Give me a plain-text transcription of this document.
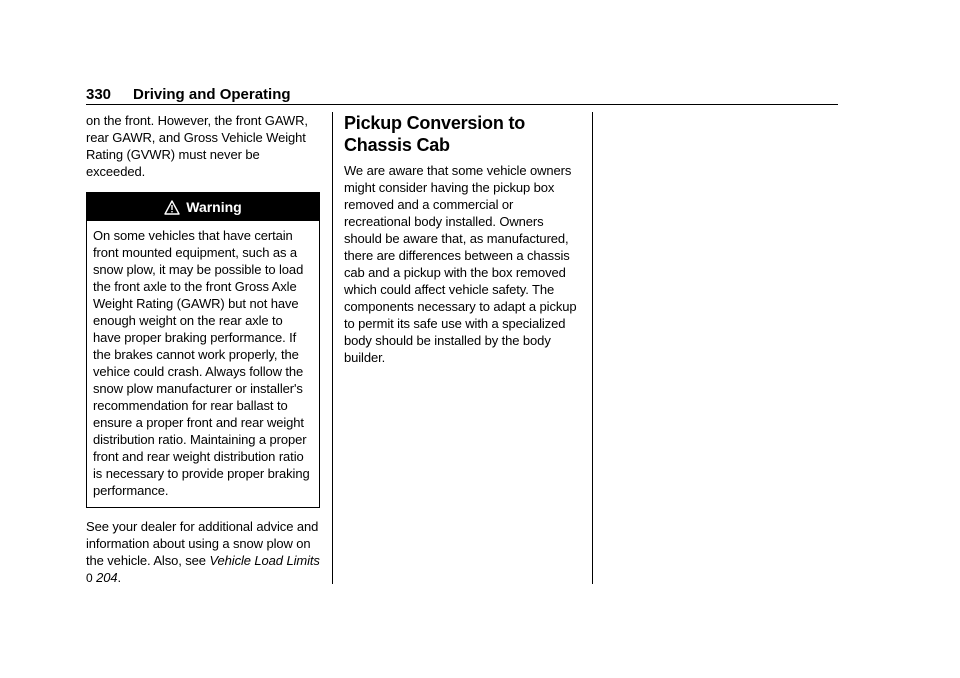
330 Driving and Operating

on the front. However, the front GAWR, rear GAWR, and Gross Vehicle Weight Rating (GVWR) must never be exceeded.

Warning

On some vehicles that have certain front mounted equipment, such as a snow plow, it may be possible to load the front axle to the front Gross Axle Weight Rating (GAWR) but not have enough weight on the rear axle to have proper braking performance. If the brakes cannot work properly, the vehice could crash. Always follow the snow plow manufacturer or installer's recommendation for rear ballast to ensure a proper front and rear weight distribution ratio. Maintaining a proper front and rear weight distribution ratio is necessary to provide proper braking performance.

See your dealer for additional advice and information about using a snow plow on the vehicle. Also, see Vehicle Load Limits 0 204.

Pickup Conversion to Chassis Cab

We are aware that some vehicle owners might consider having the pickup box removed and a commercial or recreational body installed. Owners should be aware that, as manufactured, there are differences between a chassis cab and a pickup with the box removed which could affect vehicle safety. The components necessary to adapt a pickup to permit its safe use with a specialized body should be installed by the body builder.
